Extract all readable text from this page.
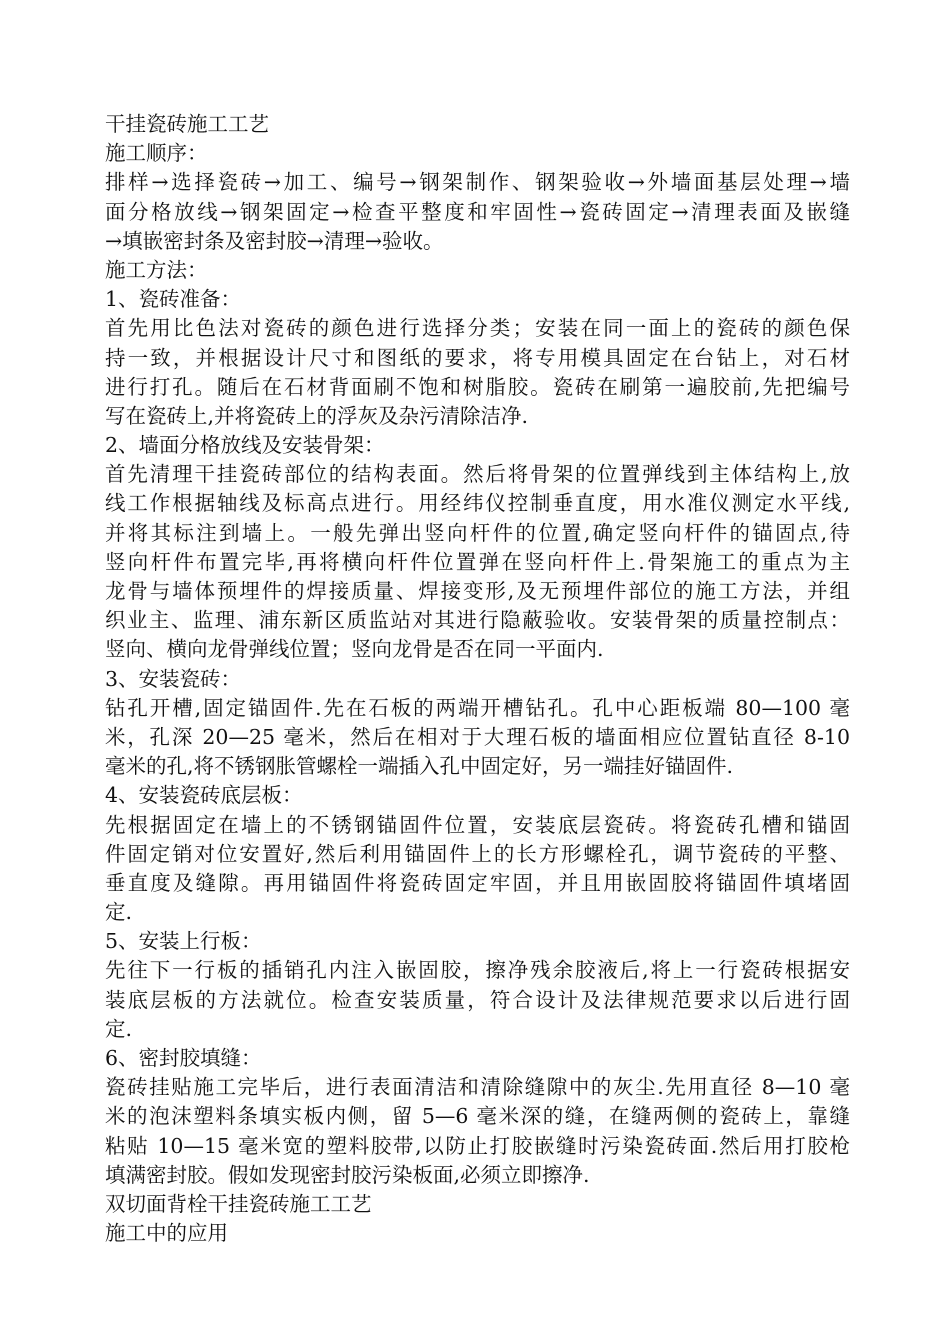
干挂瓷砖施工工艺
施工顺序：
排样→选择瓷砖→加工、编号→钢架制作、钢架验收→外墙面基层处理→墙
面分格放线→钢架固定→检查平整度和牢固性→瓷砖固定→清理表面及嵌缝
→填嵌密封条及密封胶→清理→验收。
施工方法：
1、瓷砖准备：
首先用比色法对瓷砖的颜色进行选择分类；安装在同一面上的瓷砖的颜色保
持一致，并根据设计尺寸和图纸的要求，将专用模具固定在台钻上，对石材
进行打孔。随后在石材背面刷不饱和树脂胶。瓷砖在刷第一遍胶前,先把编号
写在瓷砖上,并将瓷砖上的浮灰及杂污清除洁净.
2、墙面分格放线及安装骨架：
首先清理干挂瓷砖部位的结构表面。然后将骨架的位置弹线到主体结构上,放
线工作根据轴线及标高点进行。用经纬仪控制垂直度，用水准仪测定水平线,
并将其标注到墙上。一般先弹出竖向杆件的位置,确定竖向杆件的锚固点,待
竖向杆件布置完毕,再将横向杆件位置弹在竖向杆件上.骨架施工的重点为主
龙骨与墙体预埋件的焊接质量、焊接变形,及无预埋件部位的施工方法，并组
织业主、监理、浦东新区质监站对其进行隐蔽验收。安装骨架的质量控制点：
竖向、横向龙骨弹线位置；竖向龙骨是否在同一平面内.
3、安装瓷砖：
钻孔开槽,固定锚固件.先在石板的两端开槽钻孔。孔中心距板端 80—100 毫
米，孔深 20—25 毫米，然后在相对于大理石板的墙面相应位置钻直径 8-10
毫米的孔,将不锈钢胀管螺栓一端插入孔中固定好，另一端挂好锚固件.
4、安装瓷砖底层板：
先根据固定在墙上的不锈钢锚固件位置，安装底层瓷砖。将瓷砖孔槽和锚固
件固定销对位安置好,然后利用锚固件上的长方形螺栓孔，调节瓷砖的平整、
垂直度及缝隙。再用锚固件将瓷砖固定牢固，并且用嵌固胶将锚固件填堵固
定.
5、安装上行板：
先往下一行板的插销孔内注入嵌固胶，擦净残余胶液后,将上一行瓷砖根据安
装底层板的方法就位。检查安装质量，符合设计及法律规范要求以后进行固
定.
6、密封胶填缝：
瓷砖挂贴施工完毕后，进行表面清洁和清除缝隙中的灰尘.先用直径 8—10 毫
米的泡沫塑料条填实板内侧，留 5—6 毫米深的缝，在缝两侧的瓷砖上，靠缝
粘贴 10—15 毫米宽的塑料胶带,以防止打胶嵌缝时污染瓷砖面.然后用打胶枪
填满密封胶。假如发现密封胶污染板面,必须立即擦净.
双切面背栓干挂瓷砖施工工艺
施工中的应用
